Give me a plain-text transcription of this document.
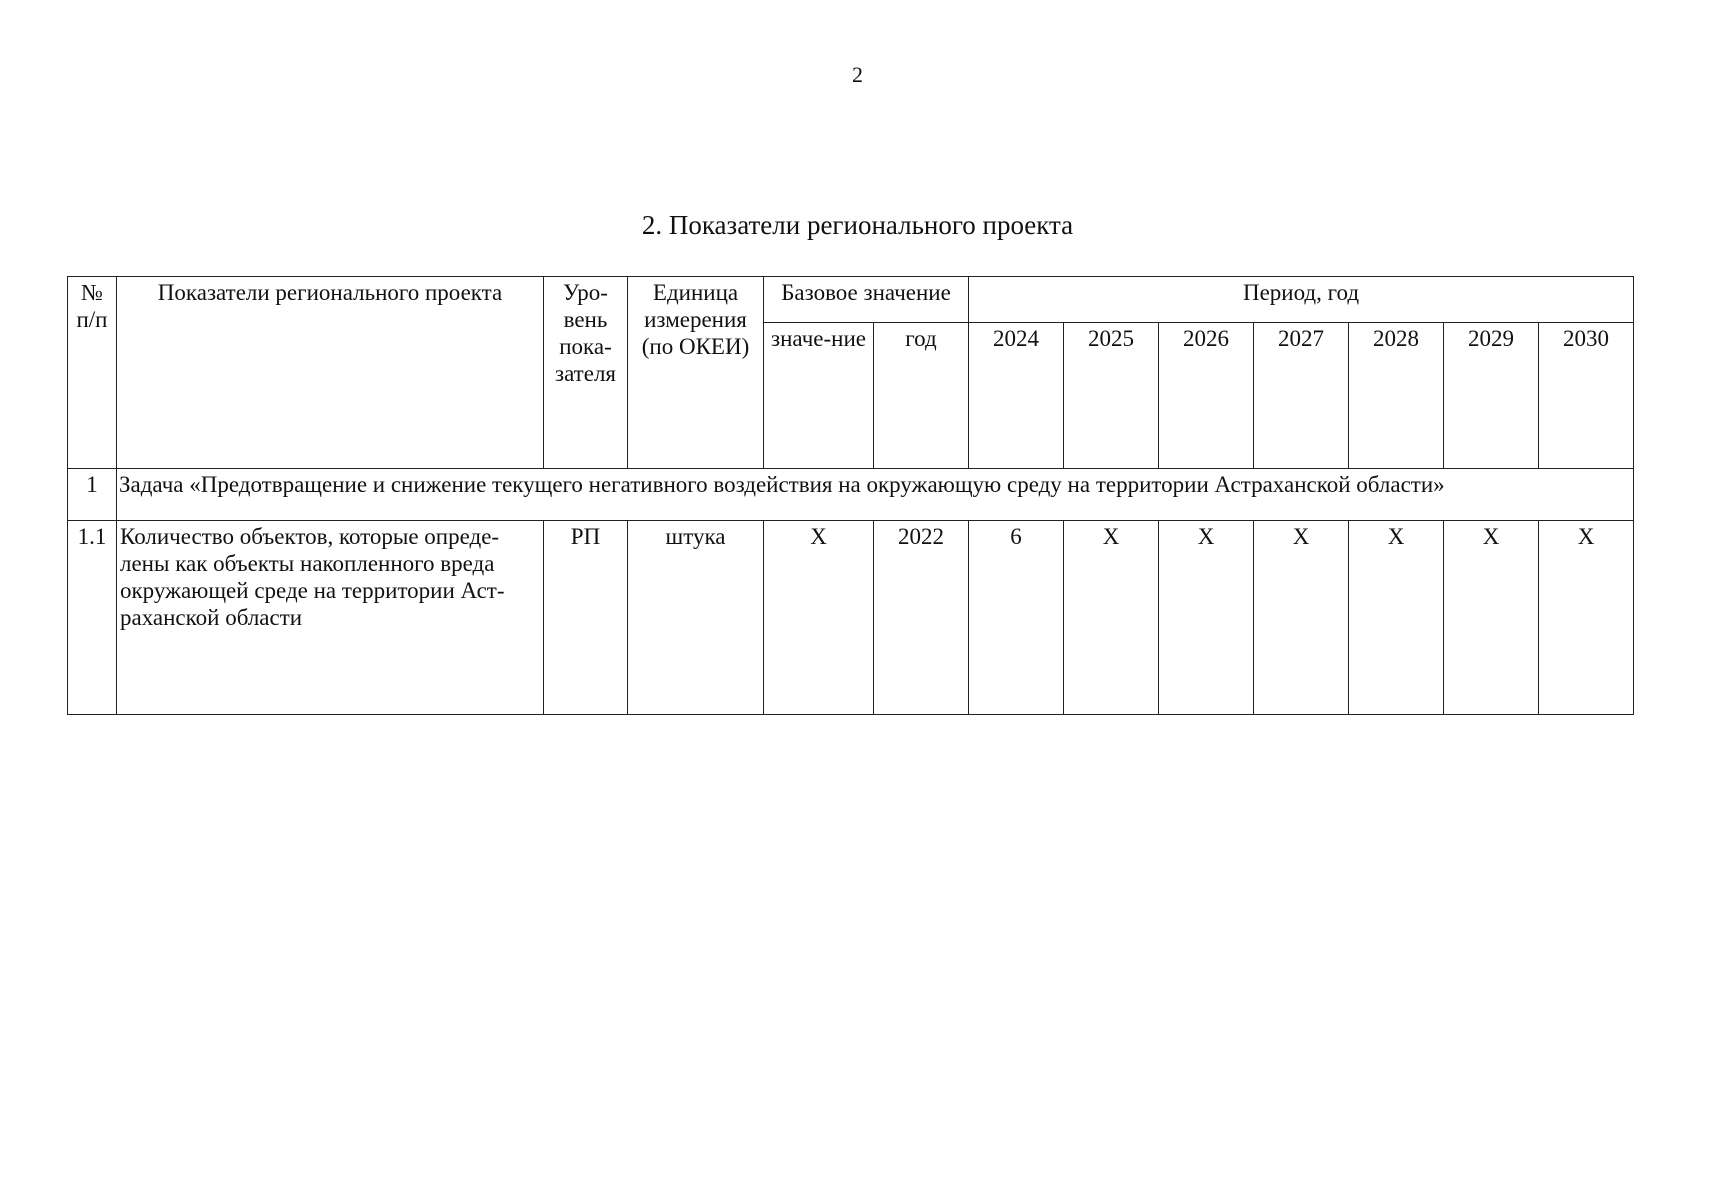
2
2. Показатели регионального проекта
№ п/п	Показатели регионального проекта	Уро-вень пока-зателя	Единица измерения (по ОКЕИ)	Базовое значение		Период, год						
				значе-ние	год	2024	2025	2026	2027	2028	2029	2030
1	Задача «Предотвращение и снижение текущего негативного воздействия на окружающую среду на территории Астраханской области»											
1.1	Количество объектов, которые опреде-лены как объекты накопленного вреда окружающей среде на территории Аст-раханской области	РП	штука	X	2022	6	X	X	X	X	X	X
